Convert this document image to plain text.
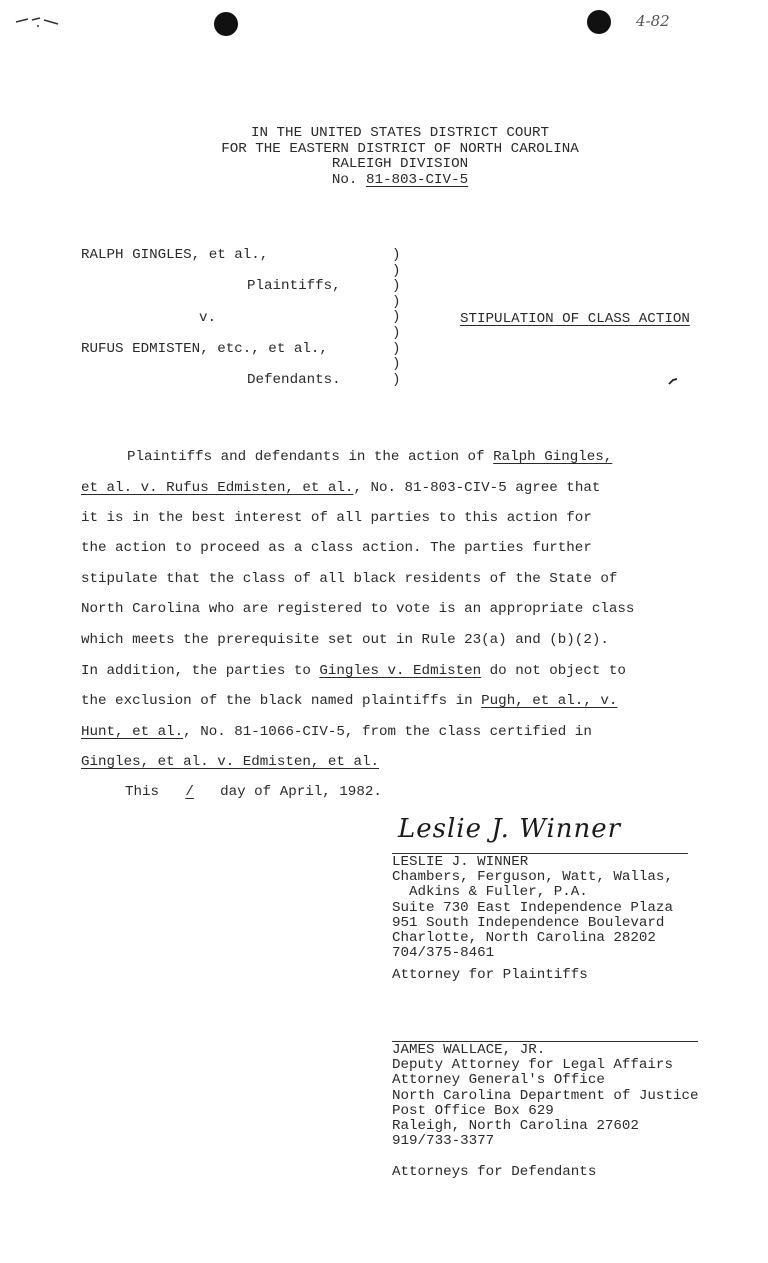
4-82
IN THE UNITED STATES DISTRICT COURT
FOR THE EASTERN DISTRICT OF NORTH CAROLINA
RALEIGH DIVISION
No. 81-803-CIV-5
RALPH GINGLES, et al.,
Plaintiffs,
v.
RUFUS EDMISTEN, etc., et al.,
Defendants.
)
)
)
)
)
)
)
)
)
STIPULATION OF CLASS ACTION
Plaintiffs and defendants in the action of Ralph Gingles,
et al. v. Rufus Edmisten, et al., No. 81-803-CIV-5 agree that
it is in the best interest of all parties to this action for
the action to proceed as a class action. The parties further
stipulate that the class of all black residents of the State of
North Carolina who are registered to vote is an appropriate class
which meets the prerequisite set out in Rule 23(a) and (b)(2).
In addition, the parties to Gingles v. Edmisten do not object to
the exclusion of the black named plaintiffs in Pugh, et al., v.
Hunt, et al., No. 81-1066-CIV-5, from the class certified in
Gingles, et al. v. Edmisten, et al.
This / day of April, 1982.
Leslie J. Winner
LESLIE J. WINNER
Chambers, Ferguson, Watt, Wallas,
Adkins & Fuller, P.A.
Suite 730 East Independence Plaza
951 South Independence Boulevard
Charlotte, North Carolina 28202
704/375-8461
Attorney for Plaintiffs
JAMES WALLACE, JR.
Deputy Attorney for Legal Affairs
Attorney General's Office
North Carolina Department of Justice
Post Office Box 629
Raleigh, North Carolina 27602
919/733-3377
Attorneys for Defendants
